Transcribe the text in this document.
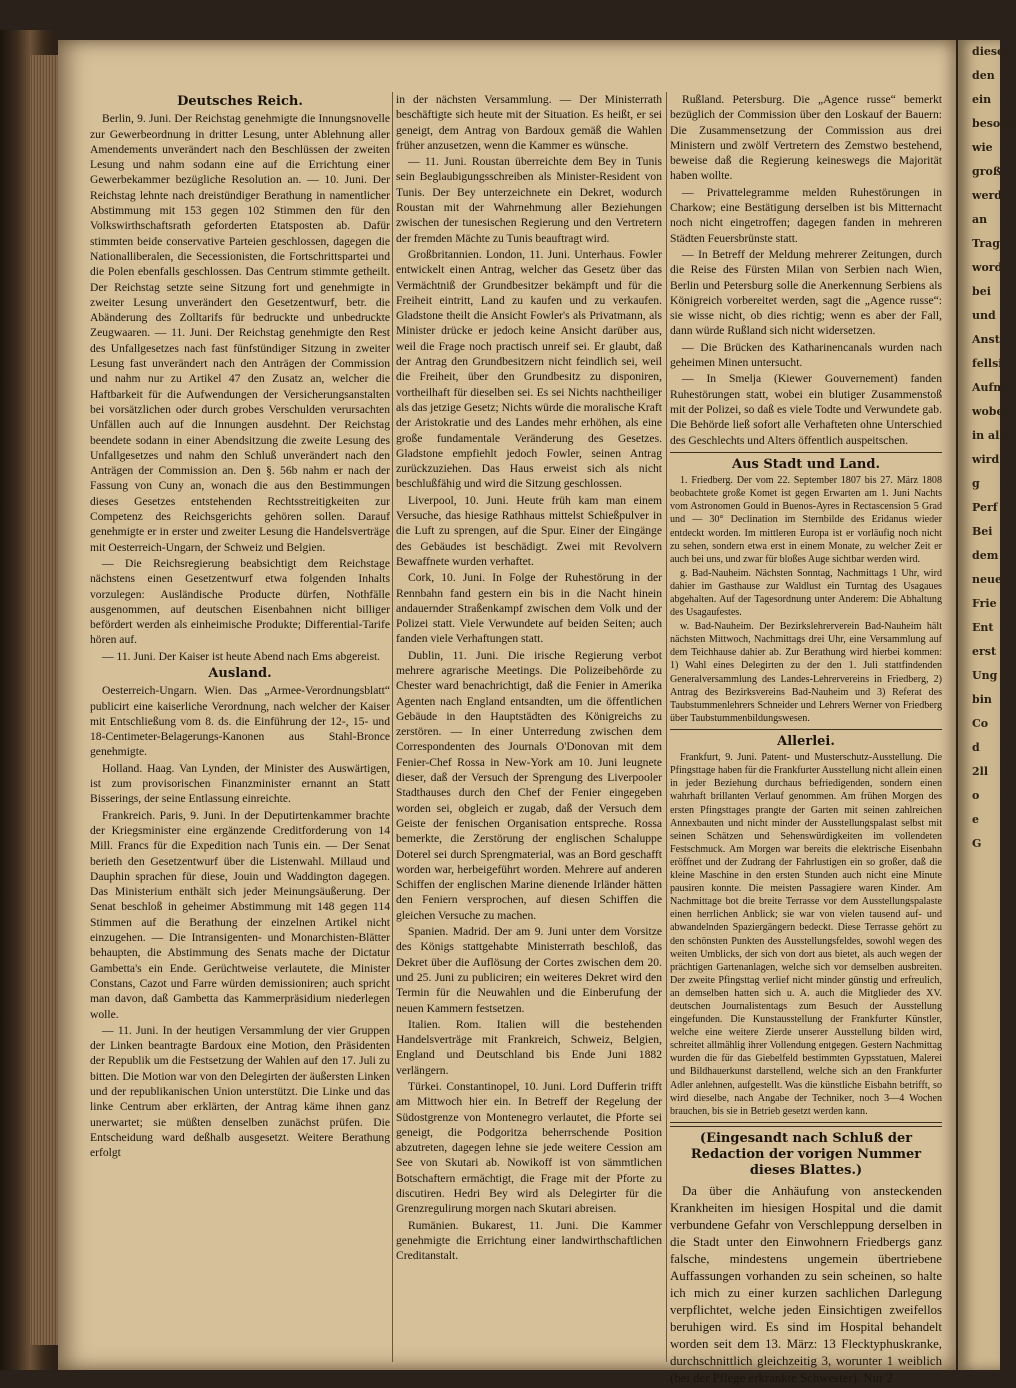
Deutsches Reich.

Berlin, 9. Juni. Der Reichstag genehmigte die Innungsnovelle zur Gewerbeordnung in dritter Lesung, unter Ablehnung aller Amendements unverändert nach den Beschlüssen der zweiten Lesung und nahm sodann eine auf die Errichtung einer Gewerbekammer bezügliche Resolution an. — 10. Juni. Der Reichstag lehnte nach dreistündiger Berathung in namentlicher Abstimmung mit 153 gegen 102 Stimmen den für den Volkswirthschaftsrath geforderten Etatsposten ab. Dafür stimmten beide conservative Parteien geschlossen, dagegen die Nationalliberalen, die Secessionisten, die Fortschrittspartei und die Polen ebenfalls geschlossen. Das Centrum stimmte getheilt. Der Reichstag setzte seine Sitzung fort und genehmigte in zweiter Lesung unverändert den Gesetzentwurf, betr. die Abänderung des Zolltarifs für bedruckte und unbedruckte Zeugwaaren. — 11. Juni. Der Reichstag genehmigte den Rest des Unfallgesetzes nach fast fünfstündiger Sitzung in zweiter Lesung fast unverändert nach den Anträgen der Commission und nahm nur zu Artikel 47 den Zusatz an, welcher die Haftbarkeit für die Aufwendungen der Versicherungsanstalten bei vorsätzlichen oder durch grobes Verschulden verursachten Unfällen auch auf die Innungen ausdehnt. Der Reichstag beendete sodann in einer Abendsitzung die zweite Lesung des Unfallgesetzes und nahm den Schluß unverändert nach den Anträgen der Commission an. Den §. 56b nahm er nach der Fassung von Cuny an, wonach die aus den Bestimmungen dieses Gesetzes entstehenden Rechtsstreitigkeiten zur Competenz des Reichsgerichts gehören sollen. Darauf genehmigte er in erster und zweiter Lesung die Handelsverträge mit Oesterreich-Ungarn, der Schweiz und Belgien.

— Die Reichsregierung beabsichtigt dem Reichstage nächstens einen Gesetzentwurf etwa folgenden Inhalts vorzulegen: Ausländische Producte dürfen, Nothfälle ausgenommen, auf deutschen Eisenbahnen nicht billiger befördert werden als einheimische Produkte; Differential-Tarife hören auf.

— 11. Juni. Der Kaiser ist heute Abend nach Ems abgereist.

Ausland.

Oesterreich-Ungarn. Wien. Das „Armee-Verordnungsblatt“ publicirt eine kaiserliche Verordnung, nach welcher der Kaiser mit Entschließung vom 8. ds. die Einführung der 12-, 15- und 18-Centimeter-Belagerungs-Kanonen aus Stahl-Bronce genehmigte.

Holland. Haag. Van Lynden, der Minister des Auswärtigen, ist zum provisorischen Finanzminister ernannt an Statt Bisserings, der seine Entlassung einreichte.

Frankreich. Paris, 9. Juni. In der Deputirtenkammer brachte der Kriegsminister eine ergänzende Creditforderung von 14 Mill. Francs für die Expedition nach Tunis ein. — Der Senat berieth den Gesetzentwurf über die Listenwahl. Millaud und Dauphin sprachen für diese, Jouin und Waddington dagegen. Das Ministerium enthält sich jeder Meinungsäußerung. Der Senat beschloß in geheimer Abstimmung mit 148 gegen 114 Stimmen auf die Berathung der einzelnen Artikel nicht einzugehen. — Die Intransigenten- und Monarchisten-Blätter behaupten, die Abstimmung des Senats mache der Dictatur Gambetta's ein Ende. Gerüchtweise verlautete, die Minister Constans, Cazot und Farre würden demissioniren; auch spricht man davon, daß Gambetta das Kammerpräsidium niederlegen wolle.

— 11. Juni. In der heutigen Versammlung der vier Gruppen der Linken beantragte Bardoux eine Motion, den Präsidenten der Republik um die Festsetzung der Wahlen auf den 17. Juli zu bitten. Die Motion war von den Delegirten der äußersten Linken und der republikanischen Union unterstützt. Die Linke und das linke Centrum aber erklärten, der Antrag käme ihnen ganz unerwartet; sie müßten denselben zunächst prüfen. Die Entscheidung ward deßhalb ausgesetzt. Weitere Berathung erfolgt

in der nächsten Versammlung. — Der Ministerrath beschäftigte sich heute mit der Situation. Es heißt, er sei geneigt, dem Antrag von Bardoux gemäß die Wahlen früher anzusetzen, wenn die Kammer es wünsche.

— 11. Juni. Roustan überreichte dem Bey in Tunis sein Beglaubigungsschreiben als Minister-Resident von Tunis. Der Bey unterzeichnete ein Dekret, wodurch Roustan mit der Wahrnehmung aller Beziehungen zwischen der tunesischen Regierung und den Vertretern der fremden Mächte zu Tunis beauftragt wird.

Großbritannien. London, 11. Juni. Unterhaus. Fowler entwickelt einen Antrag, welcher das Gesetz über das Vermächtniß der Grundbesitzer bekämpft und für die Freiheit eintritt, Land zu kaufen und zu verkaufen. Gladstone theilt die Ansicht Fowler's als Privatmann, als Minister drücke er jedoch keine Ansicht darüber aus, weil die Frage noch practisch unreif sei. Er glaubt, daß der Antrag den Grundbesitzern nicht feindlich sei, weil die Freiheit, über den Grundbesitz zu disponiren, vortheilhaft für dieselben sei. Es sei Nichts nachtheiliger als das jetzige Gesetz; Nichts würde die moralische Kraft der Aristokratie und des Landes mehr erhöhen, als eine große fundamentale Veränderung des Gesetzes. Gladstone empfiehlt jedoch Fowler, seinen Antrag zurückzuziehen. Das Haus erweist sich als nicht beschlußfähig und wird die Sitzung geschlossen.

Liverpool, 10. Juni. Heute früh kam man einem Versuche, das hiesige Rathhaus mittelst Schießpulver in die Luft zu sprengen, auf die Spur. Einer der Eingänge des Gebäudes ist beschädigt. Zwei mit Revolvern Bewaffnete wurden verhaftet.

Cork, 10. Juni. In Folge der Ruhestörung in der Rennbahn fand gestern ein bis in die Nacht hinein andauernder Straßenkampf zwischen dem Volk und der Polizei statt. Viele Verwundete auf beiden Seiten; auch fanden viele Verhaftungen statt.

Dublin, 11. Juni. Die irische Regierung verbot mehrere agrarische Meetings. Die Polizeibehörde zu Chester ward benachrichtigt, daß die Fenier in Amerika Agenten nach England entsandten, um die öffentlichen Gebäude in den Hauptstädten des Königreichs zu zerstören. — In einer Unterredung zwischen dem Correspondenten des Journals O'Donovan mit dem Fenier-Chef Rossa in New-York am 10. Juni leugnete dieser, daß der Versuch der Sprengung des Liverpooler Stadthauses durch den Chef der Fenier eingegeben worden sei, obgleich er zugab, daß der Versuch dem Geiste der fenischen Organisation entspreche. Rossa bemerkte, die Zerstörung der englischen Schaluppe Doterel sei durch Sprengmaterial, was an Bord geschafft worden war, herbeigeführt worden. Mehrere auf anderen Schiffen der englischen Marine dienende Irländer hätten den Feniern versprochen, auf diesen Schiffen die gleichen Versuche zu machen.

Spanien. Madrid. Der am 9. Juni unter dem Vorsitze des Königs stattgehabte Ministerrath beschloß, das Dekret über die Auflösung der Cortes zwischen dem 20. und 25. Juni zu publiciren; ein weiteres Dekret wird den Termin für die Neuwahlen und die Einberufung der neuen Kammern festsetzen.

Italien. Rom. Italien will die bestehenden Handelsverträge mit Frankreich, Schweiz, Belgien, England und Deutschland bis Ende Juni 1882 verlängern.

Türkei. Constantinopel, 10. Juni. Lord Dufferin trifft am Mittwoch hier ein. In Betreff der Regelung der Südostgrenze von Montenegro verlautet, die Pforte sei geneigt, die Podgoritza beherrschende Position abzutreten, dagegen lehne sie jede weitere Cession am See von Skutari ab. Nowikoff ist von sämmtlichen Botschaftern ermächtigt, die Frage mit der Pforte zu discutiren. Hedri Bey wird als Delegirter für die Grenzregulirung morgen nach Skutari abreisen.

Rumänien. Bukarest, 11. Juni. Die Kammer genehmigte die Errichtung einer landwirthschaftlichen Creditanstalt.

Rußland. Petersburg. Die „Agence russe“ bemerkt bezüglich der Commission über den Loskauf der Bauern: Die Zusammensetzung der Commission aus drei Ministern und zwölf Vertretern des Zemstwo bestehend, beweise daß die Regierung keineswegs die Majorität haben wollte.

— Privattelegramme melden Ruhestörungen in Charkow; eine Bestätigung derselben ist bis Mitternacht noch nicht eingetroffen; dagegen fanden in mehreren Städten Feuersbrünste statt.

— In Betreff der Meldung mehrerer Zeitungen, durch die Reise des Fürsten Milan von Serbien nach Wien, Berlin und Petersburg solle die Anerkennung Serbiens als Königreich vorbereitet werden, sagt die „Agence russe“: sie wisse nicht, ob dies richtig; wenn es aber der Fall, dann würde Rußland sich nicht widersetzen.

— Die Brücken des Katharinencanals wurden nach geheimen Minen untersucht.

— In Smelja (Kiewer Gouvernement) fanden Ruhestörungen statt, wobei ein blutiger Zusammenstoß mit der Polizei, so daß es viele Todte und Verwundete gab. Die Behörde ließ sofort alle Verhafteten ohne Unterschied des Geschlechts und Alters öffentlich auspeitschen.

Aus Stadt und Land.

1. Friedberg. Der vom 22. September 1807 bis 27. März 1808 beobachtete große Komet ist gegen Erwarten am 1. Juni Nachts vom Astronomen Gould in Buenos-Ayres in Rectascension 5 Grad und — 30° Declination im Sternbilde des Eridanus wieder entdeckt worden. Im mittleren Europa ist er vorläufig noch nicht zu sehen, sondern etwa erst in einem Monate, zu welcher Zeit er auch bei uns, und zwar für bloßes Auge sichtbar werden wird.

g. Bad-Nauheim. Nächsten Sonntag, Nachmittags 1 Uhr, wird dahier im Gasthause zur Waldlust ein Turntag des Usagaues abgehalten. Auf der Tagesordnung unter Anderem: Die Abhaltung des Usagaufestes.

w. Bad-Nauheim. Der Bezirkslehrerverein Bad-Nauheim hält nächsten Mittwoch, Nachmittags drei Uhr, eine Versammlung auf dem Teichhause dahier ab. Zur Berathung wird hierbei kommen: 1) Wahl eines Delegirten zu der den 1. Juli stattfindenden Generalversammlung des Landes-Lehrervereins in Friedberg, 2) Antrag des Bezirksvereins Bad-Nauheim und 3) Referat des Taubstummenlehrers Schneider und Lehrers Werner von Friedberg über Taubstummenbildungswesen.

Allerlei.

Frankfurt, 9. Juni. Patent- und Musterschutz-Ausstellung. Die Pfingsttage haben für die Frankfurter Ausstellung nicht allein einen in jeder Beziehung durchaus befriedigenden, sondern einen wahrhaft brillanten Verlauf genommen. Am frühen Morgen des ersten Pfingsttages prangte der Garten mit seinen zahlreichen Annexbauten und nicht minder der Ausstellungspalast selbst mit seinen Schätzen und Sehenswürdigkeiten im vollendeten Festschmuck. Am Morgen war bereits die elektrische Eisenbahn eröffnet und der Zudrang der Fahrlustigen ein so großer, daß die kleine Maschine in den ersten Stunden auch nicht eine Minute pausiren konnte. Die meisten Passagiere waren Kinder. Am Nachmittage bot die breite Terrasse vor dem Ausstellungspalaste einen herrlichen Anblick; sie war von vielen tausend auf- und abwandelnden Spaziergängern bedeckt. Diese Terrasse gehört zu den schönsten Punkten des Ausstellungsfeldes, sowohl wegen des weiten Umblicks, der sich von dort aus bietet, als auch wegen der prächtigen Gartenanlagen, welche sich vor demselben ausbreiten. Der zweite Pfingsttag verlief nicht minder günstig und erfreulich, an demselben hatten sich u. A. auch die Mitglieder des XV. deutschen Journalistentags zum Besuch der Ausstellung eingefunden. Die Kunstausstellung der Frankfurter Künstler, welche eine weitere Zierde unserer Ausstellung bilden wird, schreitet allmählig ihrer Vollendung entgegen. Gestern Nachmittag wurden die für das Giebelfeld bestimmten Gypsstatuen, Malerei und Bildhauerkunst darstellend, welche sich an den Frankfurter Adler anlehnen, aufgestellt. Was die künstliche Eisbahn betrifft, so wird dieselbe, nach Angabe der Techniker, noch 3—4 Wochen brauchen, bis sie in Betrieb gesetzt werden kann.

(Eingesandt nach Schluß der Redaction der vorigen Nummer dieses Blattes.)

Da über die Anhäufung von ansteckenden Krankheiten im hiesigen Hospital und die damit verbundene Gefahr von Verschleppung derselben in die Stadt unter den Einwohnern Friedbergs ganz falsche, mindestens ungemein übertriebene Auffassungen vorhanden zu sein scheinen, so halte ich mich zu einer kurzen sachlichen Darlegung verpflichtet, welche jeden Einsichtigen zweifellos beruhigen wird. Es sind im Hospital behandelt worden seit dem 13. März: 13 Flecktyphuskranke, durchschnittlich gleichzeitig 3, worunter 1 weiblich (bei der Pflege erkrankte Schwester). Nur 2

dieser
den
ein
besond
wie
groß
werd
an
Trag
word
bei
und
Anst
fellsi
Aufm
wobei
in all
wird
g
Perf
Bei
dem
neue
Frie
Ent
erst
Ung
bin
Co
d
2ll
o
e
G
